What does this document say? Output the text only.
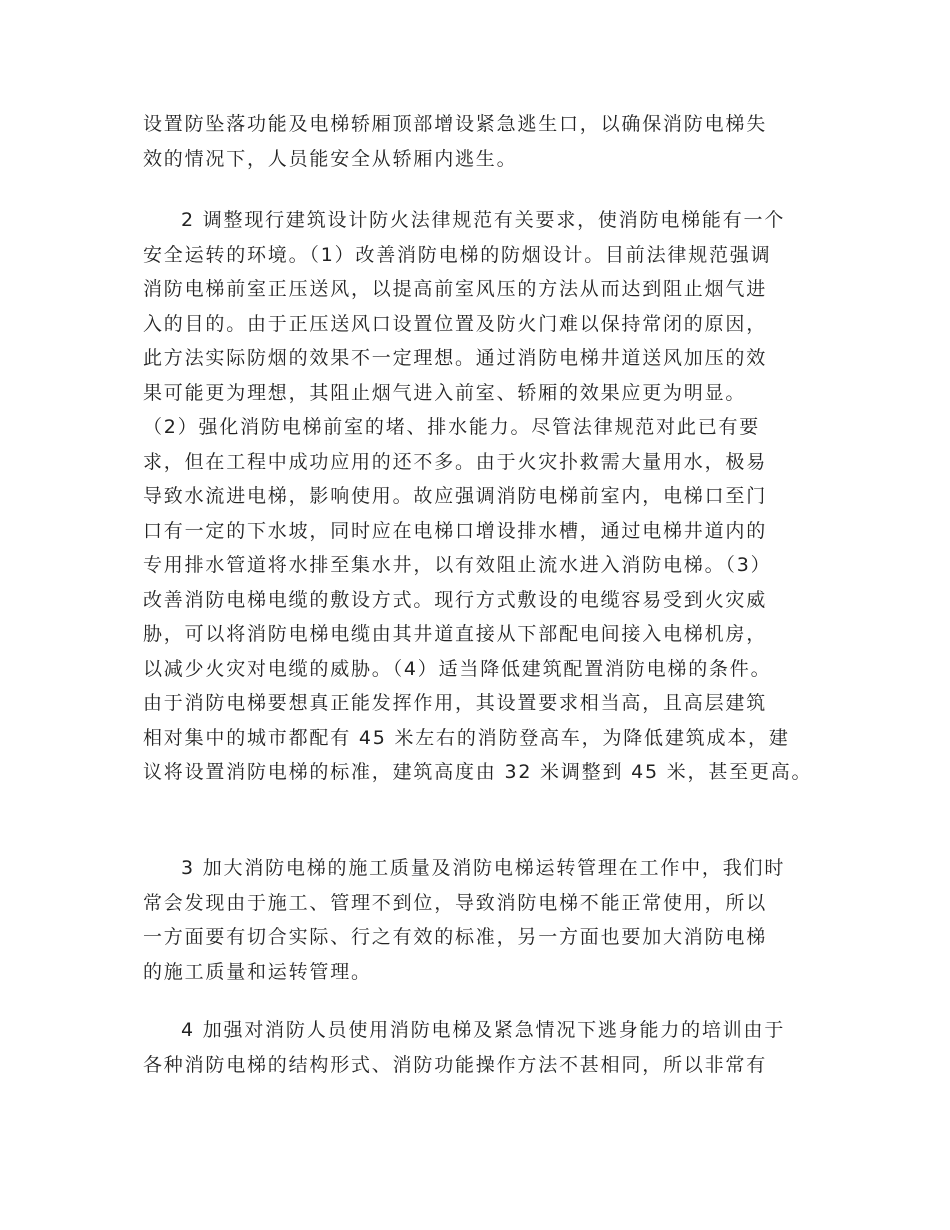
设置防坠落功能及电梯轿厢顶部增设紧急逃生口，以确保消防电梯失
效的情况下，人员能安全从轿厢内逃生。

2 调整现行建筑设计防火法律规范有关要求，使消防电梯能有一个
安全运转的环境。（1）改善消防电梯的防烟设计。目前法律规范强调
消防电梯前室正压送风，以提高前室风压的方法从而达到阻止烟气进
入的目的。由于正压送风口设置位置及防火门难以保持常闭的原因，
此方法实际防烟的效果不一定理想。通过消防电梯井道送风加压的效
果可能更为理想，其阻止烟气进入前室、轿厢的效果应更为明显。
（2）强化消防电梯前室的堵、排水能力。尽管法律规范对此已有要
求，但在工程中成功应用的还不多。由于火灾扑救需大量用水，极易
导致水流进电梯，影响使用。故应强调消防电梯前室内，电梯口至门
口有一定的下水坡，同时应在电梯口增设排水槽，通过电梯井道内的
专用排水管道将水排至集水井，以有效阻止流水进入消防电梯。（3）
改善消防电梯电缆的敷设方式。现行方式敷设的电缆容易受到火灾威
胁，可以将消防电梯电缆由其井道直接从下部配电间接入电梯机房，
以减少火灾对电缆的威胁。（4）适当降低建筑配置消防电梯的条件。
由于消防电梯要想真正能发挥作用，其设置要求相当高，且高层建筑
相对集中的城市都配有 45 米左右的消防登高车，为降低建筑成本，建
议将设置消防电梯的标准，建筑高度由 32 米调整到 45 米，甚至更高。

3 加大消防电梯的施工质量及消防电梯运转管理在工作中，我们时
常会发现由于施工、管理不到位，导致消防电梯不能正常使用，所以
一方面要有切合实际、行之有效的标准，另一方面也要加大消防电梯
的施工质量和运转管理。

4 加强对消防人员使用消防电梯及紧急情况下逃身能力的培训由于
各种消防电梯的结构形式、消防功能操作方法不甚相同，所以非常有
